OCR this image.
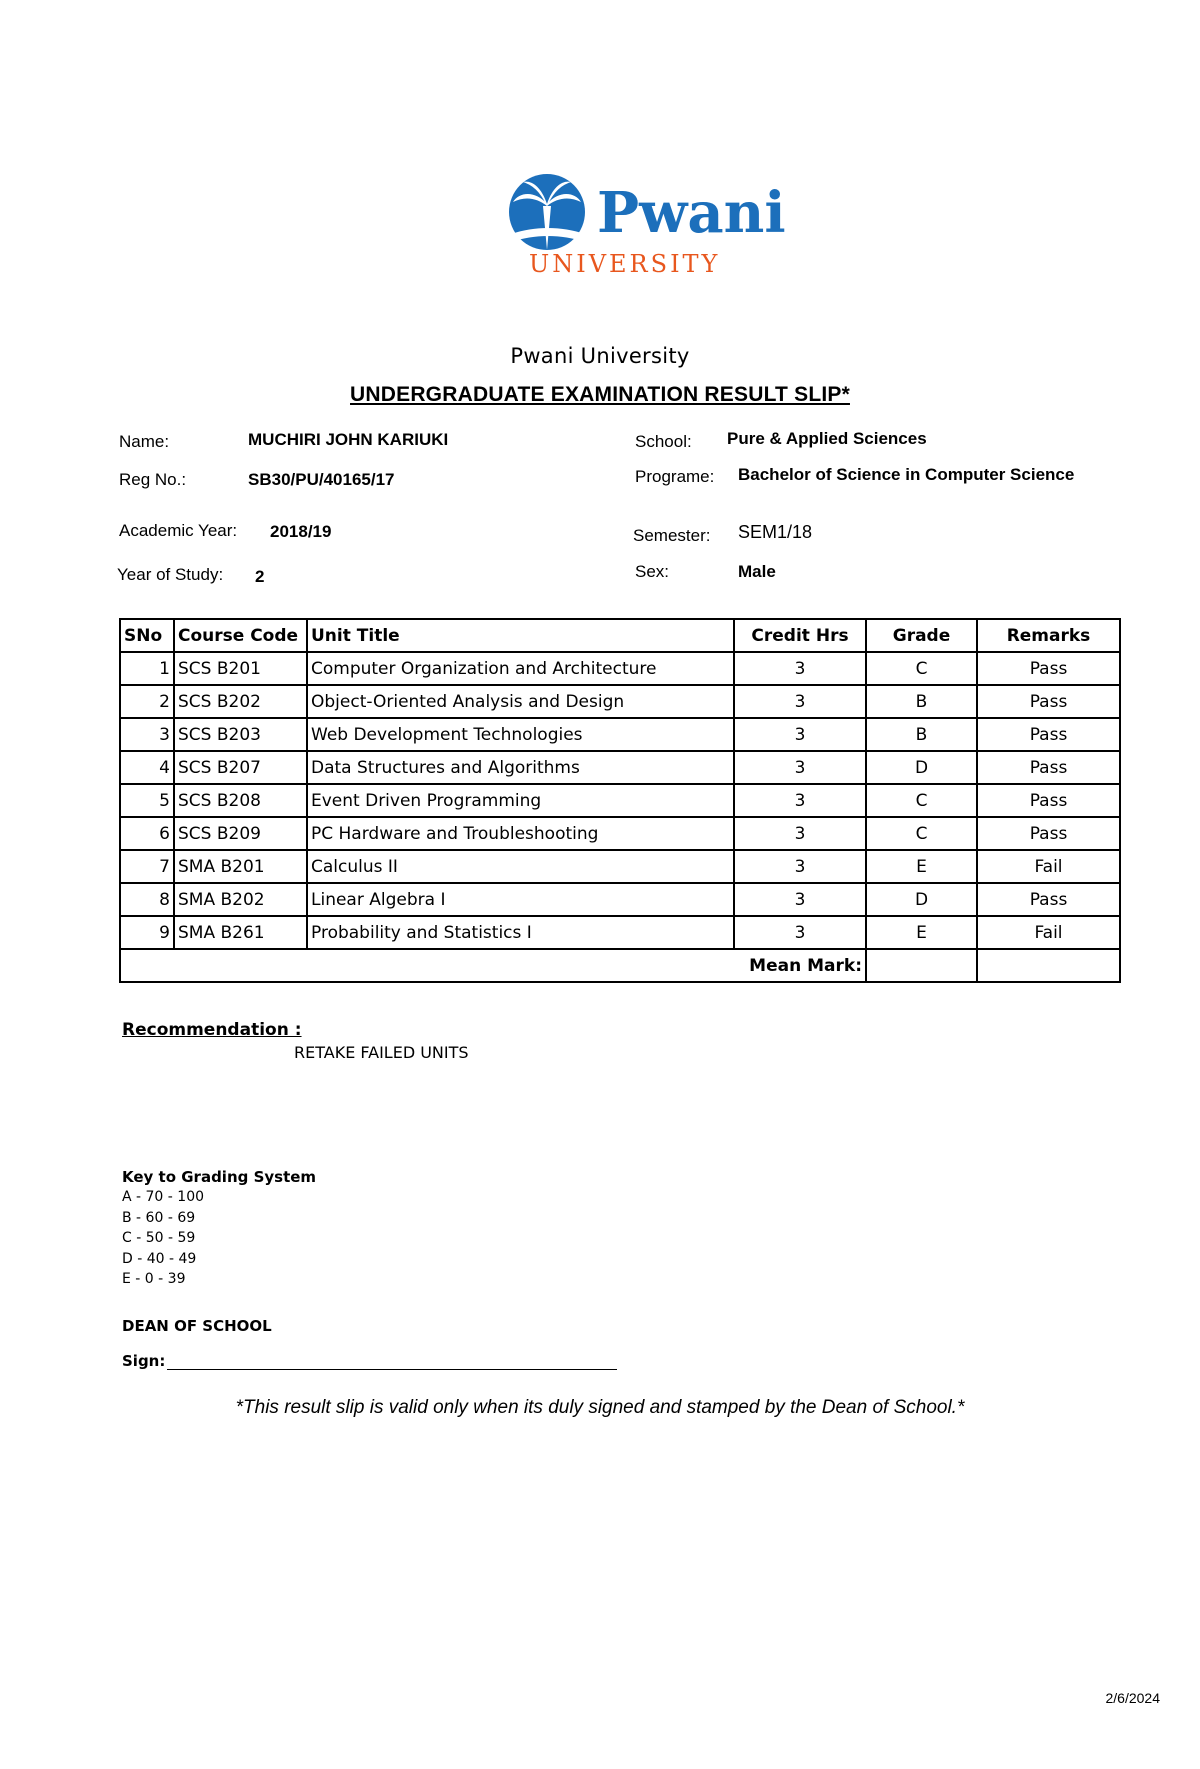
Pwani
UNIVERSITY
Pwani University
UNDERGRADUATE EXAMINATION RESULT SLIP*
Name:	MUCHIRI JOHN KARIUKI
Reg No.:	SB30/PU/40165/17
Academic Year: 2018/19
Year of Study: 2
School: Pure & Applied Sciences
Programe: Bachelor of Science in Computer Science
Semester: SEM1/18
Sex:	Male
SNo	Course Code	Unit Title	Credit Hrs	Grade	Remarks
1	SCS B201	Computer Organization and Architecture	3	C	Pass
2	SCS B202	Object-Oriented Analysis and Design	3	B	Pass
3	SCS B203	Web Development Technologies	3	B	Pass
4	SCS B207	Data Structures and Algorithms	3	D	Pass
5	SCS B208	Event Driven Programming	3	C	Pass
6	SCS B209	PC Hardware and Troubleshooting	3	C	Pass
7	SMA B201	Calculus II	3	E	Fail
8	SMA B202	Linear Algebra I	3	D	Pass
9	SMA B261	Probability and Statistics I	3	E	Fail
Mean Mark:					
Recommendation :
RETAKE FAILED UNITS
Key to Grading System
A - 70 - 100
B - 60 - 69
C - 50 - 59
D - 40 - 49
E - 0 - 39
DEAN OF SCHOOL
Sign:
*This result slip is valid only when its duly signed and stamped by the Dean of School.*
2/6/2024
